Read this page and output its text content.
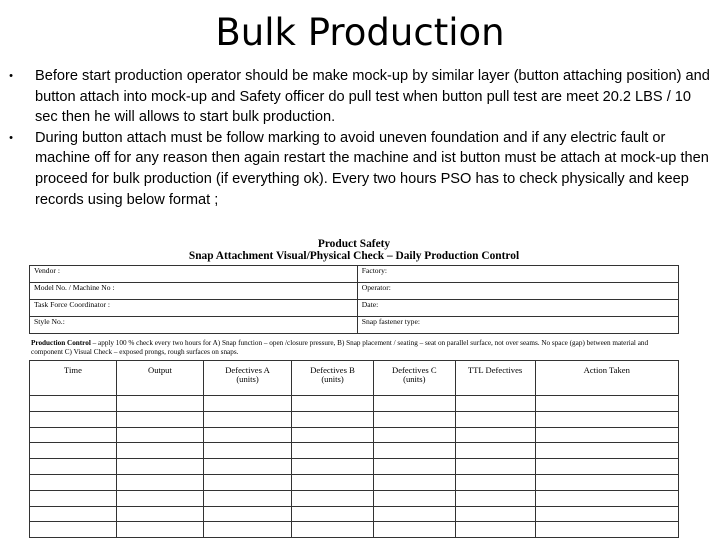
Bulk Production

• Before start production operator should be make mock-up by similar layer (button attaching position) and button attach into mock-up and Safety officer do pull test when button pull test are meet 20.2 LBS / 10 sec then he will allows to start bulk production.

• During button attach must be follow marking to avoid uneven foundation and if any electric fault or machine off for any reason then again restart the machine and ist button must be attach at mock-up then proceed for bulk production (if everything ok). Every two hours PSO has to check physically and keep records using below format ;

Product Safety
Snap Attachment Visual/Physical Check – Daily Production Control
Vendor :	Factory:
Model No. / Machine No :	Operator:
Task Force Coordinator :	Date:
Style No.:	Snap fastener type:
Production Control – apply 100 % check every two hours for A) Snap function – open /closure pressure, B) Snap placement / seating – seat on parallel surface, not over seams. No space (gap) between material and component C) Visual Check – exposed prongs, rough surfaces on snaps.
Time	Output	Defectives A
(units)	Defectives B
(units)	Defectives C
(units)	TTL Defectives	Action Taken
